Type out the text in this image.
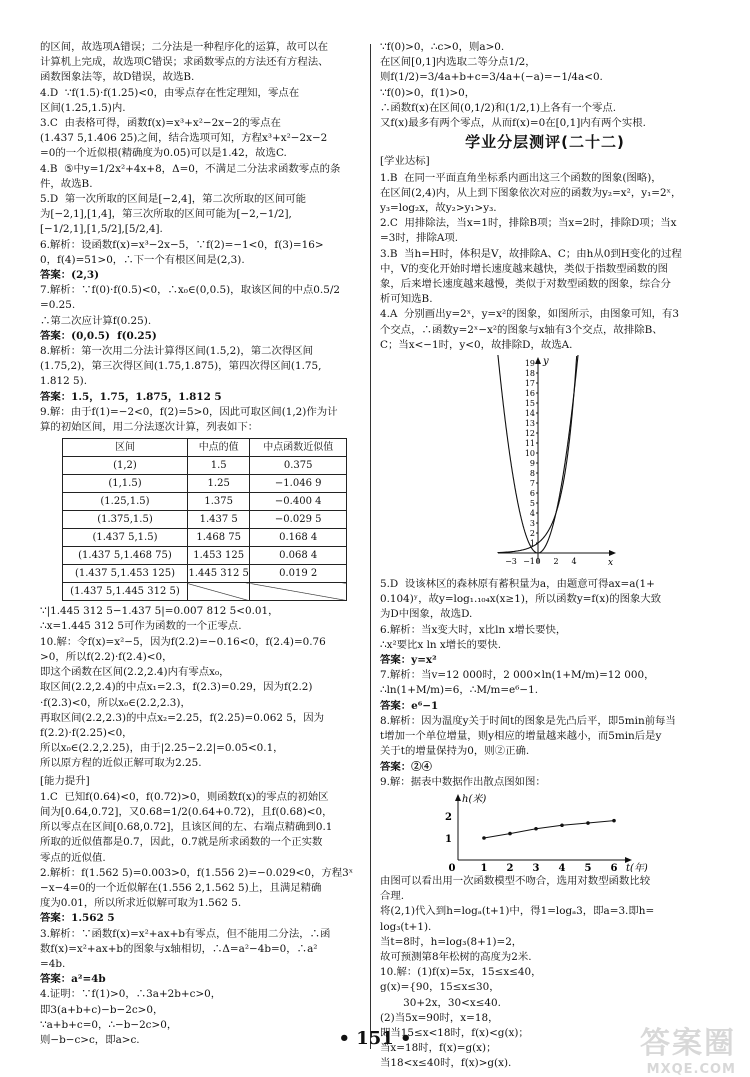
的区间，故选项A错误；二分法是一种程序化的运算，故可以在
计算机上完成，故选项C错误；求函数零点的方法还有方程法、
函数图象法等，故D错误，故选B.
4.D  ∵f(1.5)·f(1.25)<0，由零点存在性定理知，零点在
区间(1.25,1.5)内.
3.C  由表格可得，函数f(x)=x³+x²−2x−2的零点在
(1.437 5,1.406 25)之间，结合选项可知，方程x³+x²−2x−2
=0的一个近似根(精确度为0.05)可以是1.42，故选C.
4.B  ⑤中y=1/2x²+4x+8，Δ=0，不满足二分法求函数零点的条
件，故选B.
5.D  第一次所取的区间是[−2,4]，第二次所取的区间可能
为[−2,1],[1,4]，第三次所取的区间可能为[−2,−1/2],
[−1/2,1],[1,5/2],[5/2,4].
6.解析：设函数f(x)=x³−2x−5，∵f(2)=−1<0，f(3)=16>
0，f(4)=51>0，∴下一个有根区间是(2,3).
答案：(2,3)
7.解析：∵f(0)·f(0.5)<0，∴x₀∈(0,0.5)，取该区间的中点0.5/2
=0.25.
∴第二次应计算f(0.25).
答案：(0,0.5)  f(0.25)
8.解析：第一次用二分法计算得区间(1.5,2)，第二次得区间
(1.75,2)，第三次得区间(1.75,1.875)，第四次得区间(1.75,
1.812 5).
答案：1.5，1.75，1.875，1.812 5
9.解：由于f(1)=−2<0，f(2)=5>0，因此可取区间(1,2)作为计
算的初始区间，用二分法逐次计算，列表如下：
区间	中点的值	中点函数近似值
(1,2)	1.5	0.375
(1,1.5)	1.25	−1.046 9
(1.25,1.5)	1.375	−0.400 4
(1.375,1.5)	1.437 5	−0.029 5
(1.437 5,1.5)	1.468 75	0.168 4
(1.437 5,1.468 75)	1.453 125	0.068 4
(1.437 5,1.453 125)	1.445 312 5	0.019 2
(1.437 5,1.445 312 5)		
∵|1.445 312 5−1.437 5|=0.007 812 5<0.01，
∴x=1.445 312 5可作为函数的一个正零点.
10.解：令f(x)=x²−5，因为f(2.2)=−0.16<0，f(2.4)=0.76
>0，所以f(2.2)·f(2.4)<0，
即这个函数在区间(2.2,2.4)内有零点x₀，
取区间(2.2,2.4)的中点x₁=2.3，f(2.3)=0.29，因为f(2.2)
·f(2.3)<0，所以x₀∈(2.2,2.3)，
再取区间(2.2,2.3)的中点x₂=2.25，f(2.25)=0.062 5，因为
f(2.2)·f(2.25)<0，
所以x₀∈(2.2,2.25)，由于|2.25−2.2|=0.05<0.1，
所以原方程的近似正解可取为2.25.
[能力提升]
1.C  已知f(0.64)<0，f(0.72)>0，则函数f(x)的零点的初始区
间为[0.64,0.72]，又0.68=1/2(0.64+0.72)，且f(0.68)<0，
所以零点在区间[0.68,0.72]，且该区间的左、右端点精确到0.1
所取的近似值都是0.7，因此，0.7就是所求函数的一个正实数
零点的近似值.
2.解析：f(1.562 5)=0.003>0，f(1.556 2)=−0.029<0，方程3ˣ
−x−4=0的一个近似解在(1.556 2,1.562 5)上，且满足精确
度为0.01，所以所求近似解可取为1.562 5.
答案：1.562 5
3.解析：∵函数f(x)=x²+ax+b有零点，但不能用二分法，∴函
数f(x)=x²+ax+b的图象与x轴相切，∴Δ=a²−4b=0，∴a²
=4b.
答案：a²=4b
4.证明：∵f(1)>0，∴3a+2b+c>0，
即3(a+b+c)−b−2c>0，
∵a+b+c=0，∴−b−2c>0，
则−b−c>c，即a>c.
∵f(0)>0，∴c>0，则a>0.
在区间[0,1]内选取二等分点1/2，
则f(1/2)=3/4a+b+c=3/4a+(−a)=−1/4a<0.
∵f(0)>0，f(1)>0，
∴函数f(x)在区间(0,1/2)和(1/2,1)上各有一个零点.
又f(x)最多有两个零点，从而f(x)=0在[0,1]内有两个实根.
学业分层测评(二十二)
[学业达标]
1.B  在同一平面直角坐标系内画出这三个函数的图象(图略)，
在区间(2,4)内，从上到下图象依次对应的函数为y₂=x²，y₁=2ˣ，
y₃=log₂x，故y₂>y₁>y₃.
2.C  用排除法，当x=1时，排除B项；当x=2时，排除D项；当x
=3时，排除A项.
3.B  当h=H时，体积是V，故排除A、C；由h从0到H变化的过程
中，V的变化开始时增长速度越来越快，类似于指数型函数的图
象，后来增长速度越来越慢，类似于对数型函数的图象，综合分
析可知选B.
4.A  分别画出y=2ˣ，y=x²的图象，如图所示，由图象可知，有3
个交点，∴函数y=2ˣ−x²的图象与x轴有3个交点，故排除B、
C；当x<−1时，y<0，故排除D，故选A.
y
x
19
18
17
16
15
14
13
12
11
10
9
8
7
6
5
4
3
2
1
−3 −1 0 2 4
5.D  设该林区的森林原有蓄积量为a，由题意可得ax=a(1+
0.104)ʸ，故y=log₁.₁₀₄x(x≥1)，所以函数y=f(x)的图象大致
为D中图象，故选D.
6.解析：当x变大时，x比ln x增长要快，
∴x²要比x ln x增长的要快.
答案：y=x²
7.解析：当v=12 000时，2 000×ln(1+M/m)=12 000，
∴ln(1+M/m)=6，∴M/m=e⁶−1.
答案：e⁶−1
8.解析：因为温度y关于时间t的图象是先凸后平，即5min前每当
t增加一个单位增量，则y相应的增量越来越小，而5min后是y
关于t的增量保持为0，则②正确.
答案：②④
9.解：据表中数据作出散点图如图：
h(米)
t(年)
0	1 2 3 4 5 6
1
2
由图可以看出用一次函数模型不吻合，选用对数型函数比较
合理.
将(2,1)代入到h=logₐ(t+1)中，得1=logₐ3，即a=3.即h=
log₃(t+1).
当t=8时，h=log₃(8+1)=2，
故可预测第8年松树的高度为2米.
10.解：(1)f(x)=5x，15≤x≤40，
g(x)={90，15≤x≤30，
30+2x，30<x≤40.
(2)当5x=90时，x=18，
即当15≤x<18时，f(x)<g(x)；
当x=18时，f(x)=g(x)；
当18<x≤40时，f(x)>g(x).
• 151 •	答案圈
MXQE.COM
